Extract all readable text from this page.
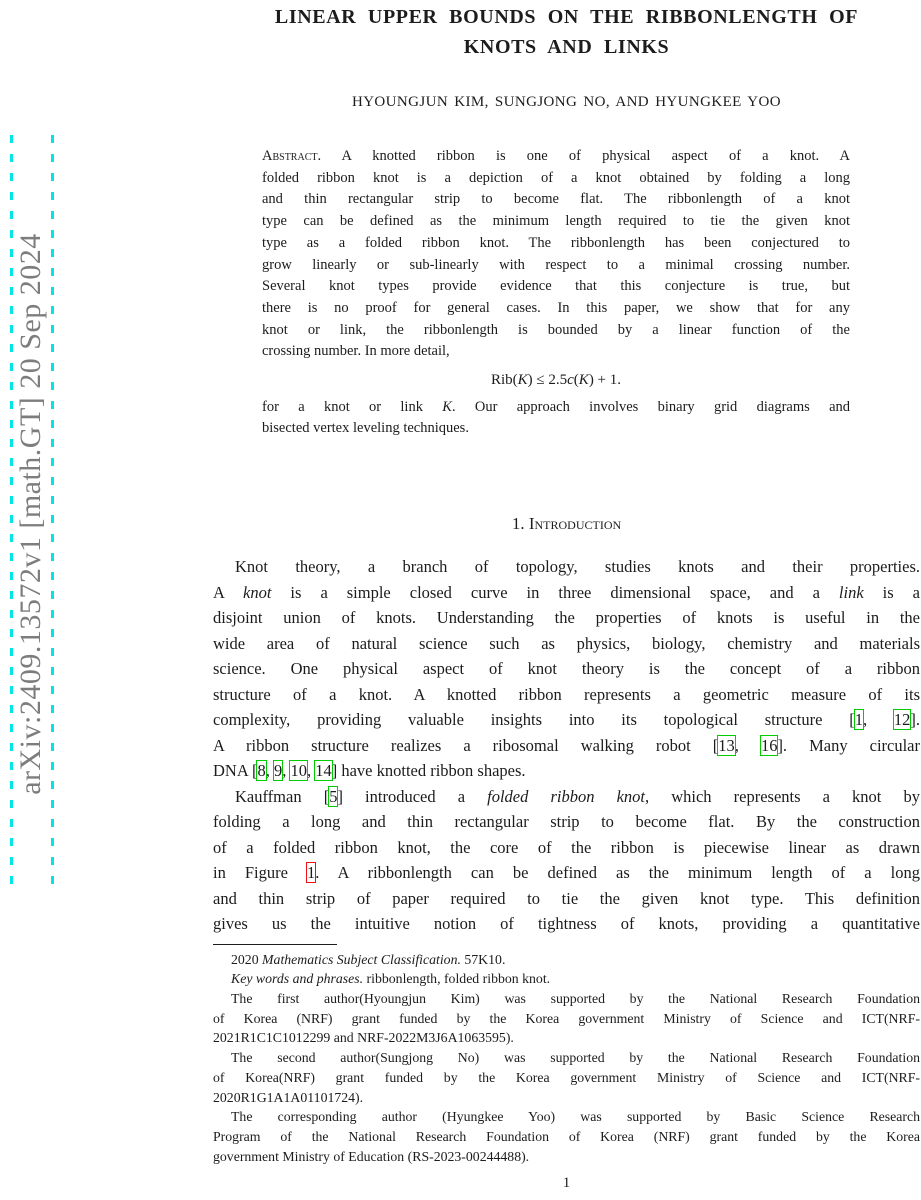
arXiv:2409.13572v1 [math.GT] 20 Sep 2024
LINEAR UPPER BOUNDS ON THE RIBBONLENGTH OF
KNOTS AND LINKS
HYOUNGJUN KIM, SUNGJONG NO, AND HYUNGKEE YOO
Abstract. A knotted ribbon is one of physical aspect of a knot. A
folded ribbon knot is a depiction of a knot obtained by folding a long
and thin rectangular strip to become flat. The ribbonlength of a knot
type can be defined as the minimum length required to tie the given knot
type as a folded ribbon knot. The ribbonlength has been conjectured to
grow linearly or sub-linearly with respect to a minimal crossing number.
Several knot types provide evidence that this conjecture is true, but
there is no proof for general cases. In this paper, we show that for any
knot or link, the ribbonlength is bounded by a linear function of the
crossing number. In more detail,
Rib(K) ≤ 2.5c(K) + 1.
for a knot or link K. Our approach involves binary grid diagrams and
bisected vertex leveling techniques.
1. Introduction
Knot theory, a branch of topology, studies knots and their properties.
A knot is a simple closed curve in three dimensional space, and a link is a
disjoint union of knots. Understanding the properties of knots is useful in the
wide area of natural science such as physics, biology, chemistry and materials
science. One physical aspect of knot theory is the concept of a ribbon
structure of a knot. A knotted ribbon represents a geometric measure of its
complexity, providing valuable insights into its topological structure [1, 12].
A ribbon structure realizes a ribosomal walking robot [13, 16]. Many circular
DNA [8, 9, 10, 14] have knotted ribbon shapes.
Kauffman [5] introduced a folded ribbon knot, which represents a knot by
folding a long and thin rectangular strip to become flat. By the construction
of a folded ribbon knot, the core of the ribbon is piecewise linear as drawn
in Figure 1. A ribbonlength can be defined as the minimum length of a long
and thin strip of paper required to tie the given knot type. This definition
gives us the intuitive notion of tightness of knots, providing a quantitative
2020 Mathematics Subject Classification. 57K10.
Key words and phrases. ribbonlength, folded ribbon knot.
The first author(Hyoungjun Kim) was supported by the National Research Foundation
of Korea (NRF) grant funded by the Korea government Ministry of Science and ICT(NRF-
2021R1C1C1012299 and NRF-2022M3J6A1063595).
The second author(Sungjong No) was supported by the National Research Foundation
of Korea(NRF) grant funded by the Korea government Ministry of Science and ICT(NRF-
2020R1G1A1A01101724).
The corresponding author (Hyungkee Yoo) was supported by Basic Science Research
Program of the National Research Foundation of Korea (NRF) grant funded by the Korea
government Ministry of Education (RS-2023-00244488).
1
